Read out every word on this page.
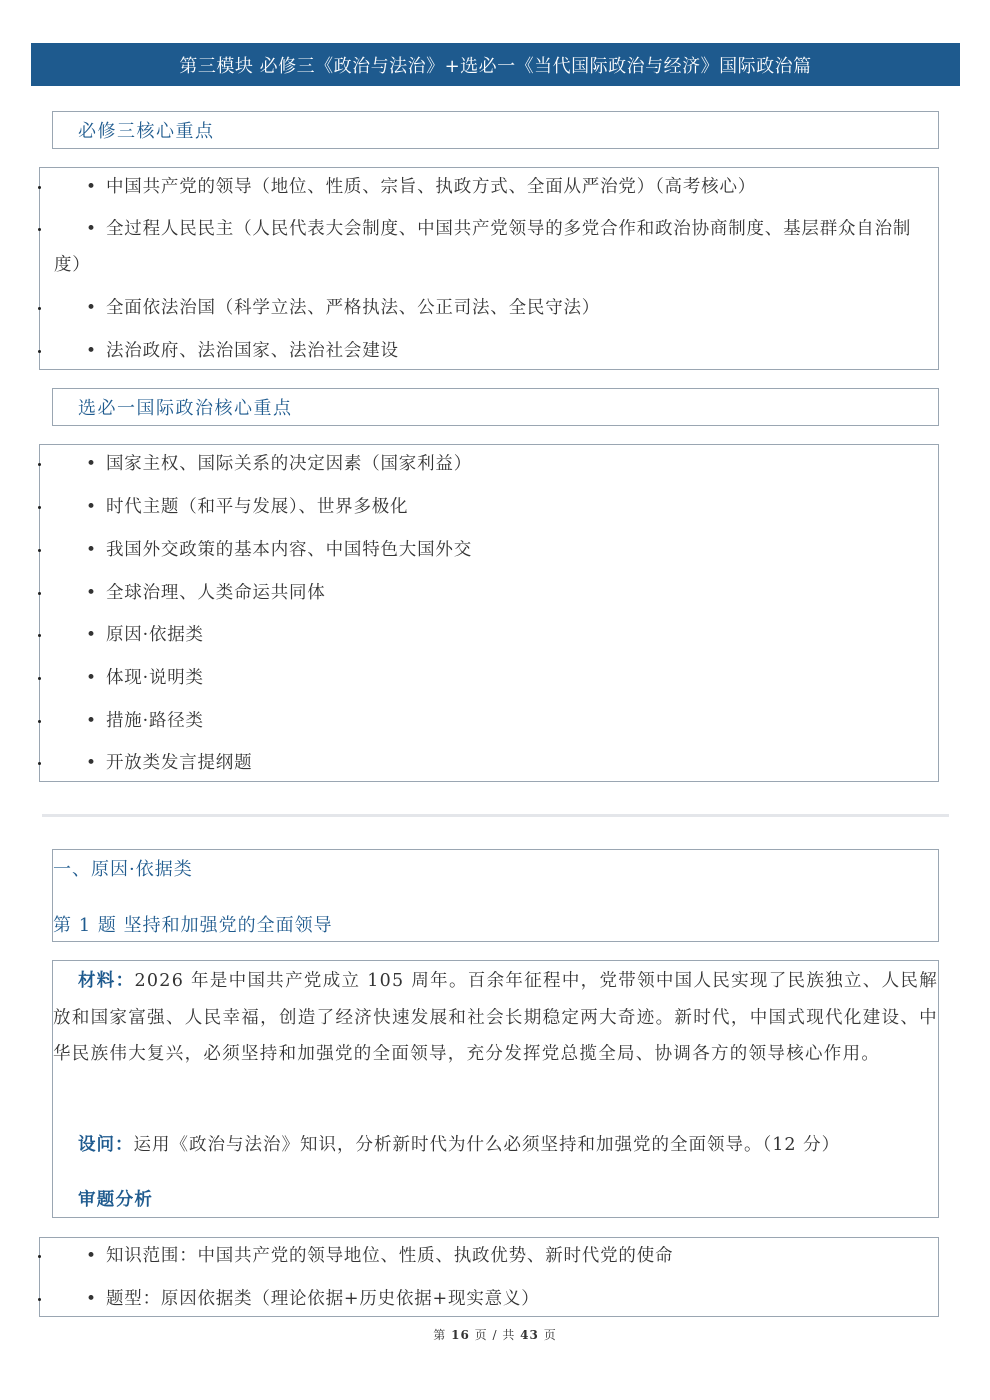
第三模块 必修三《政治与法治》+选必一《当代国际政治与经济》国际政治篇
必修三核心重点
• 中国共产党的领导（地位、性质、宗旨、执政方式、全面从严治党）（高考核心）
• 全过程人民民主（人民代表大会制度、中国共产党领导的多党合作和政治协商制度、基层群众自治制度）
• 全面依法治国（科学立法、严格执法、公正司法、全民守法）
• 法治政府、法治国家、法治社会建设
选必一国际政治核心重点
• 国家主权、国际关系的决定因素（国家利益）
• 时代主题（和平与发展）、世界多极化
• 我国外交政策的基本内容、中国特色大国外交
• 全球治理、人类命运共同体
• 原因·依据类
• 体现·说明类
• 措施·路径类
• 开放类发言提纲题
一、原因·依据类
第 1 题 坚持和加强党的全面领导
材料：2026 年是中国共产党成立 105 周年。百余年征程中，党带领中国人民实现了民族独立、人民解放和国家富强、人民幸福，创造了经济快速发展和社会长期稳定两大奇迹。新时代，中国式现代化建设、中华民族伟大复兴，必须坚持和加强党的全面领导，充分发挥党总揽全局、协调各方的领导核心作用。
设问：运用《政治与法治》知识，分析新时代为什么必须坚持和加强党的全面领导。（12 分）
审题分析
• 知识范围：中国共产党的领导地位、性质、执政优势、新时代党的使命
• 题型：原因依据类（理论依据+历史依据+现实意义）
第 16 页 / 共 43 页
